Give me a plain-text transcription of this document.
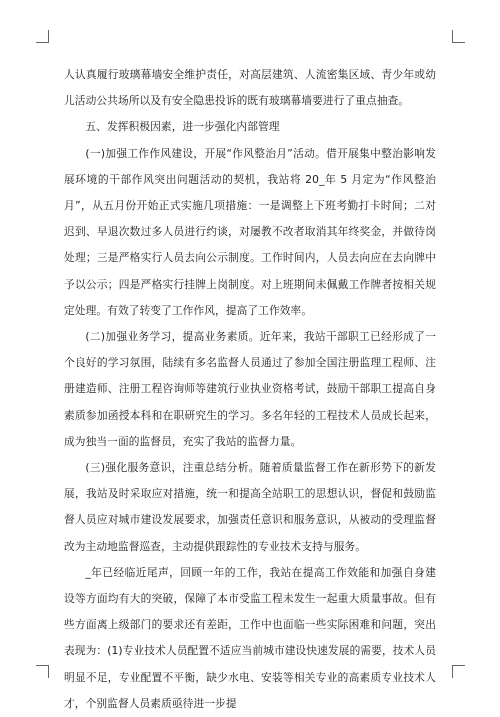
人认真履行玻璃幕墙安全维护责任，对高层建筑、人流密集区域、青少年或幼儿活动公共场所以及有安全隐患投诉的既有玻璃幕墙要进行了重点抽查。

五、发挥积极因素，进一步强化内部管理

(一)加强工作作风建设，开展“作风整治月”活动。借开展集中整治影响发展环境的干部作风突出问题活动的契机，我站将 20_年 5 月定为“作风整治月”，从五月份开始正式实施几项措施：一是调整上下班考勤打卡时间；二对迟到、早退次数过多人员进行约谈，对屡教不改者取消其年终奖金，并做待岗处理；三是严格实行人员去向公示制度。工作时间内，人员去向应在去向牌中予以公示；四是严格实行挂牌上岗制度。对上班期间未佩戴工作牌者按相关规定处理。有效了转变了工作作风，提高了工作效率。

(二)加强业务学习，提高业务素质。近年来，我站干部职工已经形成了一个良好的学习氛围，陆续有多名监督人员通过了参加全国注册监理工程师、注册建造师、注册工程咨询师等建筑行业执业资格考试，鼓励干部职工提高自身素质参加函授本科和在职研究生的学习。多名年轻的工程技术人员成长起来，成为独当一面的监督员，充实了我站的监督力量。

(三)强化服务意识，注重总结分析。随着质量监督工作在新形势下的新发展，我站及时采取应对措施，统一和提高全站职工的思想认识，督促和鼓励监督人员应对城市建设发展要求，加强责任意识和服务意识，从被动的受理监督改为主动地监督巡查，主动提供跟踪性的专业技术支持与服务。

_年已经临近尾声，回顾一年的工作，我站在提高工作效能和加强自身建设等方面均有大的突破，保障了本市受监工程未发生一起重大质量事故。但有些方面离上级部门的要求还有差距，工作中也面临一些实际困难和问题，突出表现为：(1)专业技术人员配置不适应当前城市建设快速发展的需要，技术人员明显不足，专业配置不平衡，缺少水电、安装等相关专业的高素质专业技术人才，个别监督人员素质亟待进一步提
